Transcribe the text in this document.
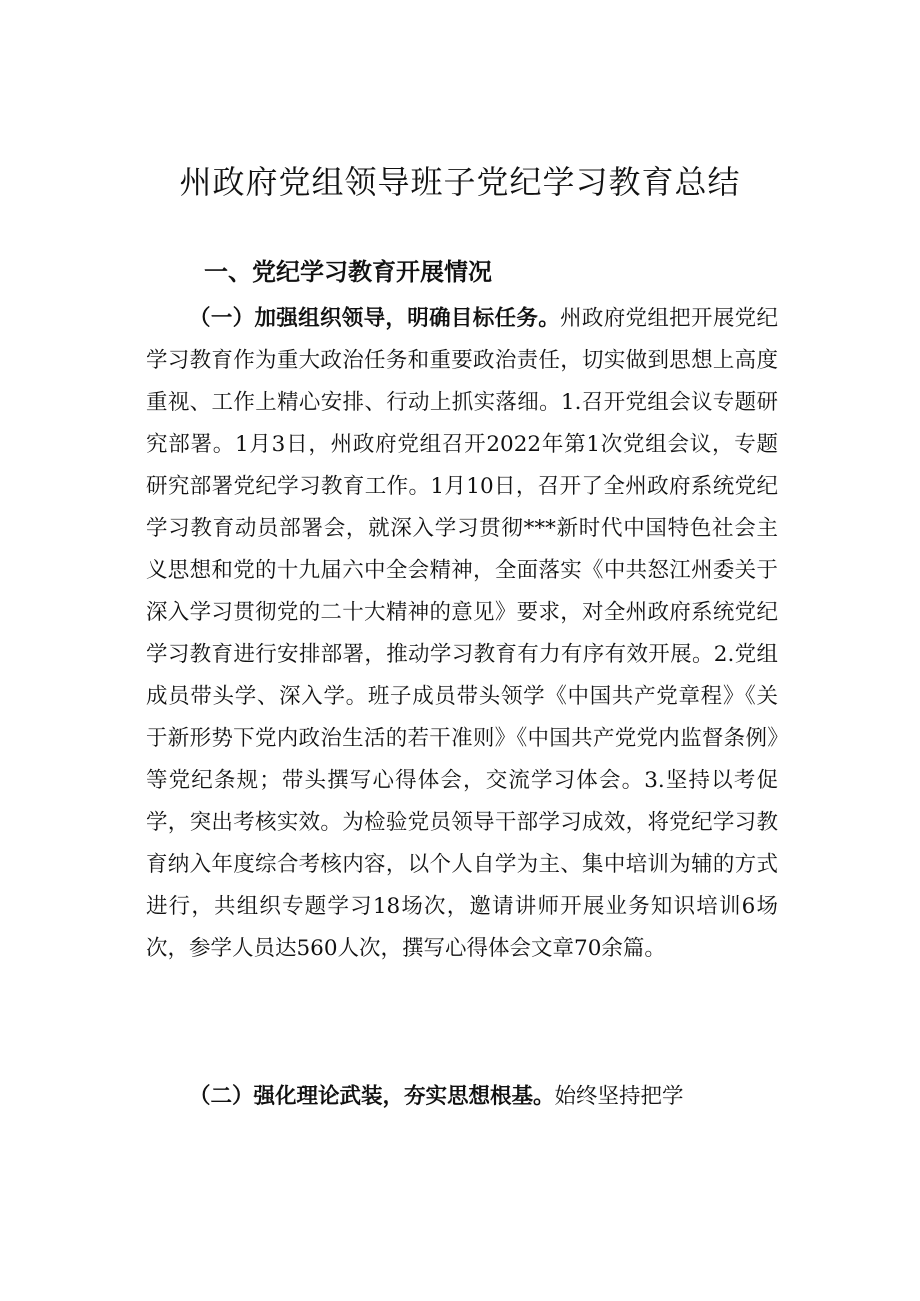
州政府党组领导班子党纪学习教育总结
一、党纪学习教育开展情况

（一）加强组织领导，明确目标任务。州政府党组把开展党纪学习教育作为重大政治任务和重要政治责任，切实做到思想上高度重视、工作上精心安排、行动上抓实落细。1.召开党组会议专题研究部署。1月3日，州政府党组召开2022年第1次党组会议，专题研究部署党纪学习教育工作。1月10日，召开了全州政府系统党纪学习教育动员部署会，就深入学习贯彻***新时代中国特色社会主义思想和党的十九届六中全会精神，全面落实《中共怒江州委关于深入学习贯彻党的二十大精神的意见》要求，对全州政府系统党纪学习教育进行安排部署，推动学习教育有力有序有效开展。2.党组成员带头学、深入学。班子成员带头领学《中国共产党章程》《关于新形势下党内政治生活的若干准则》《中国共产党党内监督条例》等党纪条规；带头撰写心得体会，交流学习体会。3.坚持以考促学，突出考核实效。为检验党员领导干部学习成效，将党纪学习教育纳入年度综合考核内容，以个人自学为主、集中培训为辅的方式进行，共组织专题学习18场次，邀请讲师开展业务知识培训6场次，参学人员达560人次，撰写心得体会文章70余篇。

（二）强化理论武装，夯实思想根基。始终坚持把学
